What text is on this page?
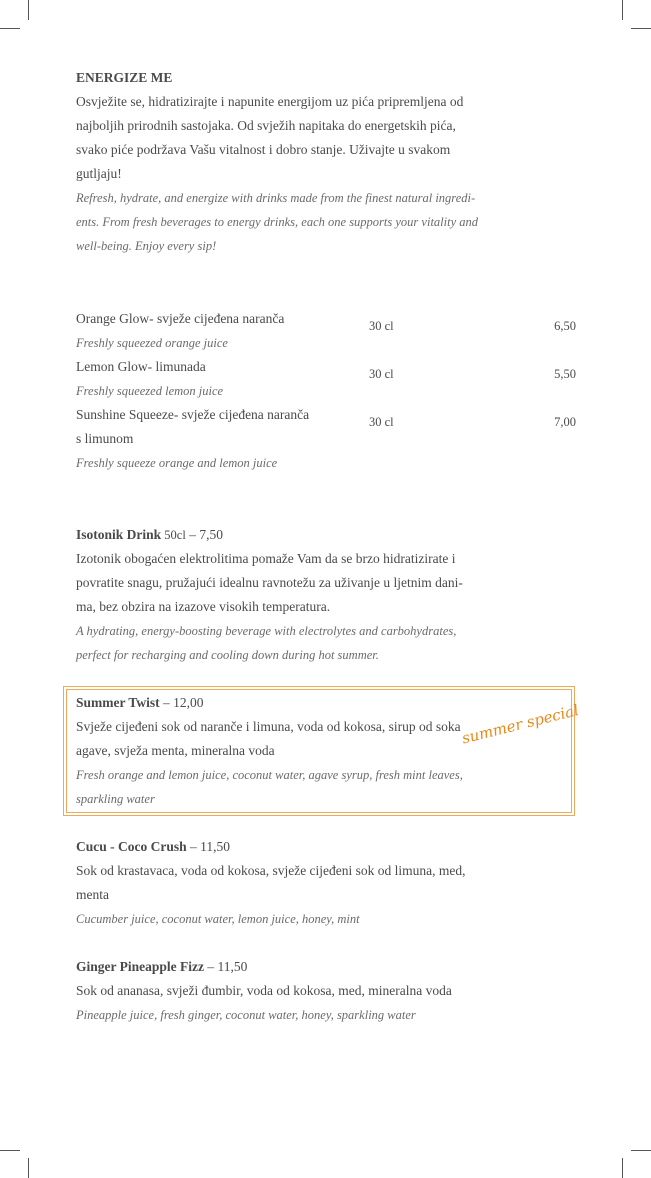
ENERGIZE ME
Osvježite se, hidratizirajte i napunite energijom uz pića pripremljena od
najboljih prirodnih sastojaka. Od svježih napitaka do energetskih pića,
svako piće podržava Vašu vitalnost i dobro stanje. Uživajte u svakom
gutljaju!
Refresh, hydrate, and energize with drinks made from the finest natural ingredi-
ents. From fresh beverages to energy drinks, each one supports your vitality and
well-being. Enjoy every sip!
Orange Glow- svježe cijeđena naranča
Freshly squeezed orange juice
30 cl	6,50
Lemon Glow- limunada
Freshly squeezed lemon juice
30 cl	5,50
Sunshine Squeeze- svježe cijeđena naranča
s limunom
Freshly squeeze orange and lemon juice
30 cl	7,00
Isotonik Drink 50cl – 7,50
Izotonik obogaćen elektrolitima pomaže Vam da se brzo hidratizirate i
povratite snagu, pružajući idealnu ravnotežu za uživanje u ljetnim dani-
ma, bez obzira na izazove visokih temperatura.
A hydrating, energy-boosting beverage with electrolytes and carbohydrates,
perfect for recharging and cooling down during hot summer.
Summer Twist – 12,00
Svježe cijeđeni sok od naranče i limuna, voda od kokosa, sirup od soka
agave, svježa menta, mineralna voda
Fresh orange and lemon juice, coconut water, agave syrup, fresh mint leaves,
sparkling water
summer special
Cucu - Coco Crush – 11,50
Sok od krastavaca, voda od kokosa, svježe cijeđeni sok od limuna, med,
menta
Cucumber juice, coconut water, lemon juice, honey, mint
Ginger Pineapple Fizz – 11,50
Sok od ananasa, svježi đumbir, voda od kokosa, med, mineralna voda
Pineapple juice, fresh ginger, coconut water, honey, sparkling water
